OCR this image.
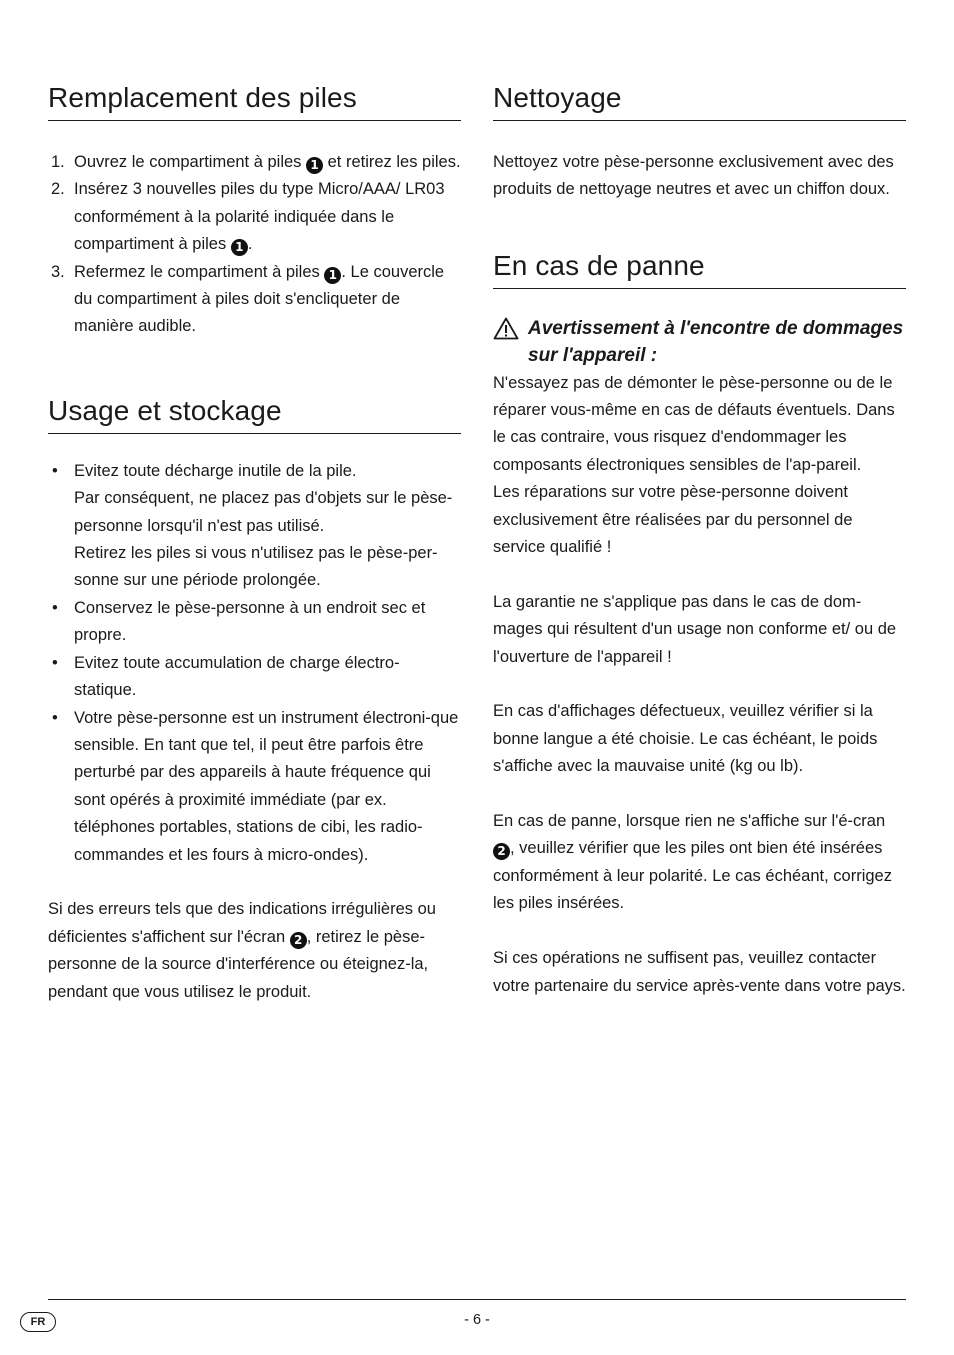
Remplacement des piles
1. Ouvrez le compartiment à piles 1 et retirez les piles.
2. Insérez 3 nouvelles piles du type Micro/AAA/ LR03 conformément à la polarité indiquée dans le compartiment à piles 1 .
3. Refermez le compartiment à piles 1 . Le couvercle du compartiment à piles doit s'encliqueter de manière audible.
Usage et stockage
• Evitez toute décharge inutile de la pile.
Par conséquent, ne placez pas d'objets sur le pèse-personne lorsqu'il n'est pas utilisé.
Retirez les piles si vous n'utilisez pas le pèse-per-sonne sur une période prolongée.
• Conservez le pèse-personne à un endroit sec et propre.
• Evitez toute accumulation de charge électro-statique.
• Votre pèse-personne est un instrument électroni-que sensible. En tant que tel, il peut être parfois être perturbé par des appareils à haute fréquence qui sont opérés à proximité immédiate (par ex. téléphones portables, stations de cibi, les radio-commandes et les fours à micro-ondes).

Si des erreurs tels que des indications irrégulières ou déficientes s'affichent sur l'écran 2 , retirez le pèse-personne de la source d'interférence ou éteignez-la, pendant que vous utilisez le produit.

Nettoyage

Nettoyez votre pèse-personne exclusivement avec des produits de nettoyage neutres et avec un chiffon doux.

En cas de panne
Avertissement à l'encontre de dommages sur l'appareil :

N'essayez pas de démonter le pèse-personne ou de le réparer vous-même en cas de défauts éventuels. Dans le cas contraire, vous risquez d'endommager les composants électroniques sensibles de l'ap-pareil.

Les réparations sur votre pèse-personne doivent exclusivement être réalisées par du personnel de service qualifié !

La garantie ne s'applique pas dans le cas de dom-mages qui résultent d'un usage non conforme et/ ou de l'ouverture de l'appareil !

En cas d'affichages défectueux, veuillez vérifier si la bonne langue a été choisie. Le cas échéant, le poids s'affiche avec la mauvaise unité (kg ou lb).

En cas de panne, lorsque rien ne s'affiche sur l'é-cran 2 , veuillez vérifier que les piles ont bien été insérées conformément à leur polarité. Le cas échéant, corrigez les piles insérées.

Si ces opérations ne suffisent pas, veuillez contacter votre partenaire du service après-vente dans votre pays.

FR	- 6 -
